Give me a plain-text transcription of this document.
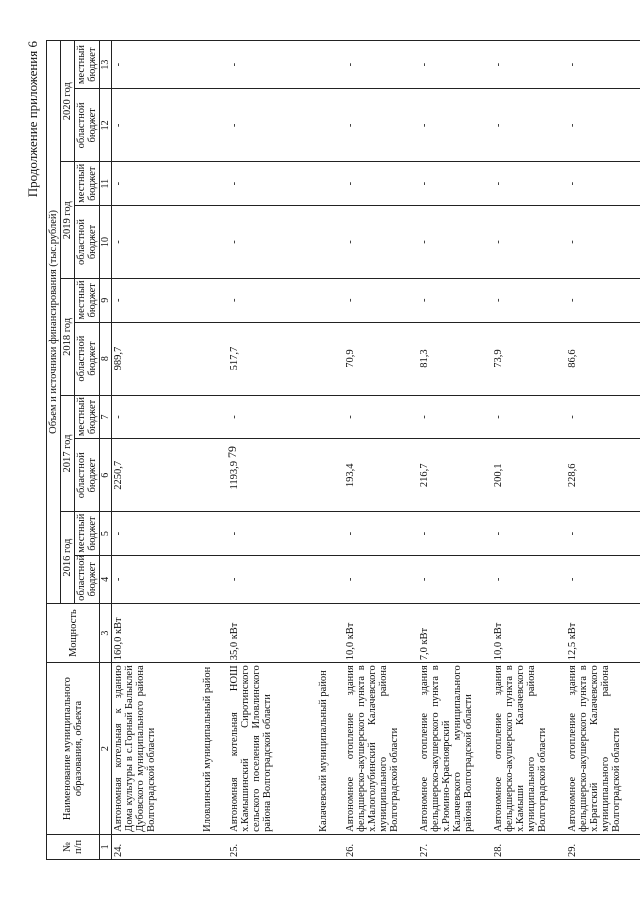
79
Продолжение приложения 6
№ п/п	Наименование муниципального образования, объекта	Мощность	Объем и источники финансирования (тыс.рублей)									
			2016 год		2017 год		2018 год		2019 год		2020 год	
			областной бюджет	местный бюджет	областной бюджет	местный бюджет	областной бюджет	местный бюджет	областной бюджет	местный бюджет	областной бюджет	местный бюджет
1	2	3	4	5	6	7	8	9	10	11	12	13
24.	Автономная котельная к зданию Дома культуры в с.Горный Балыклей Дубовского муниципального района Волгоградской области	160,0 кВт	-	-	2250,7	-	989,7	-	-	-	-	-
	Иловлинский муниципальный район											
25.	Автономная котельная НОШ х.Камышинский Сиротинского сельского поселения Иловлинского района Волгоградской области	35,0 кВт	-	-	1193,9	-	517,7	-	-	-	-	-
	Калачевский муниципальный район											
26.	Автономное отопление здания фельдшерско-акушерского пункта в х.Малоголубинский Калачевского муниципального района Волгоградской области	10,0 кВт	-	-	193,4	-	70,9	-	-	-	-	-
27.	Автономное отопление здания фельдшерско-акушерского пункта в х.Рюмино-Красноярский Калачевского муниципального района Волгоградской области	7,0 кВт	-	-	216,7	-	81,3	-	-	-	-	-
28.	Автономное отопление здания фельдшерско-акушерского пункта в х.Камыши Калачевского муниципального района Волгоградской области	10,0 кВт	-	-	200,1	-	73,9	-	-	-	-	-
29.	Автономное отопление здания фельдшерско-акушерского пункта в х.Братский Калачевского муниципального района Волгоградской области	12,5 кВт	-	-	228,6	-	86,6	-	-	-	-	-
